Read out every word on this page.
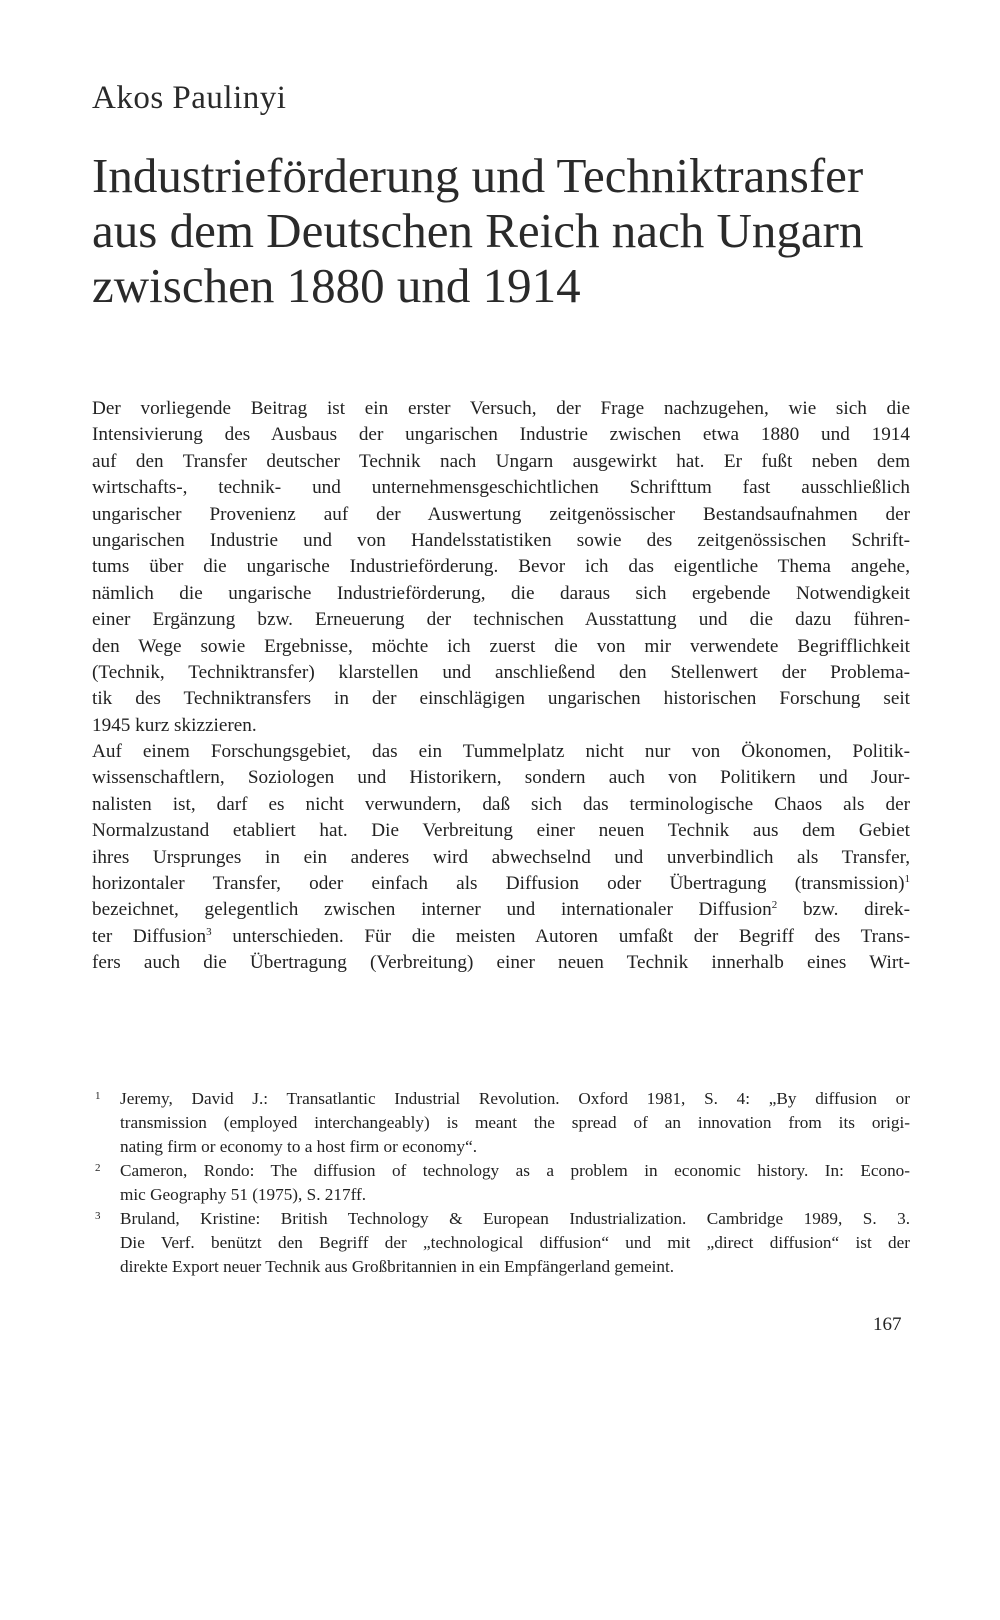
Akos Paulinyi
Industrieförderung und Techniktransfer
aus dem Deutschen Reich nach Ungarn
zwischen 1880 und 1914

Der vorliegende Beitrag ist ein erster Versuch, der Frage nachzugehen, wie sich die
Intensivierung des Ausbaus der ungarischen Industrie zwischen etwa 1880 und 1914
auf den Transfer deutscher Technik nach Ungarn ausgewirkt hat. Er fußt neben dem
wirtschafts-, technik- und unternehmensgeschichtlichen Schrifttum fast ausschließlich
ungarischer Provenienz auf der Auswertung zeitgenössischer Bestandsaufnahmen der
ungarischen Industrie und von Handelsstatistiken sowie des zeitgenössischen Schrift-
tums über die ungarische Industrieförderung. Bevor ich das eigentliche Thema angehe,
nämlich die ungarische Industrieförderung, die daraus sich ergebende Notwendigkeit
einer Ergänzung bzw. Erneuerung der technischen Ausstattung und die dazu führen-
den Wege sowie Ergebnisse, möchte ich zuerst die von mir verwendete Begrifflichkeit
(Technik, Techniktransfer) klarstellen und anschließend den Stellenwert der Problema-
tik des Techniktransfers in der einschlägigen ungarischen historischen Forschung seit
1945 kurz skizzieren.

Auf einem Forschungsgebiet, das ein Tummelplatz nicht nur von Ökonomen, Politik-
wissenschaftlern, Soziologen und Historikern, sondern auch von Politikern und Jour-
nalisten ist, darf es nicht verwundern, daß sich das terminologische Chaos als der
Normalzustand etabliert hat. Die Verbreitung einer neuen Technik aus dem Gebiet
ihres Ursprunges in ein anderes wird abwechselnd und unverbindlich als Transfer,
horizontaler Transfer, oder einfach als Diffusion oder Übertragung (transmission)$^1$
bezeichnet, gelegentlich zwischen interner und internationaler Diffusion$^2$ bzw. direk-
ter Diffusion$^3$ unterschieden. Für die meisten Autoren umfaßt der Begriff des Trans-
fers auch die Übertragung (Verbreitung) einer neuen Technik innerhalb eines Wirt-

1 Jeremy, David J.: Transatlantic Industrial Revolution. Oxford 1981, S. 4: „By diffusion or
transmission (employed interchangeably) is meant the spread of an innovation from its origi-
nating firm or economy to a host firm or economy“.
2 Cameron, Rondo: The diffusion of technology as a problem in economic history. In: Econo-
mic Geography 51 (1975), S. 217ff.
3 Bruland, Kristine: British Technology & European Industrialization. Cambridge 1989, S. 3.
Die Verf. benützt den Begriff der „technological diffusion“ und mit „direct diffusion“ ist der
direkte Export neuer Technik aus Großbritannien in ein Empfängerland gemeint.
167
